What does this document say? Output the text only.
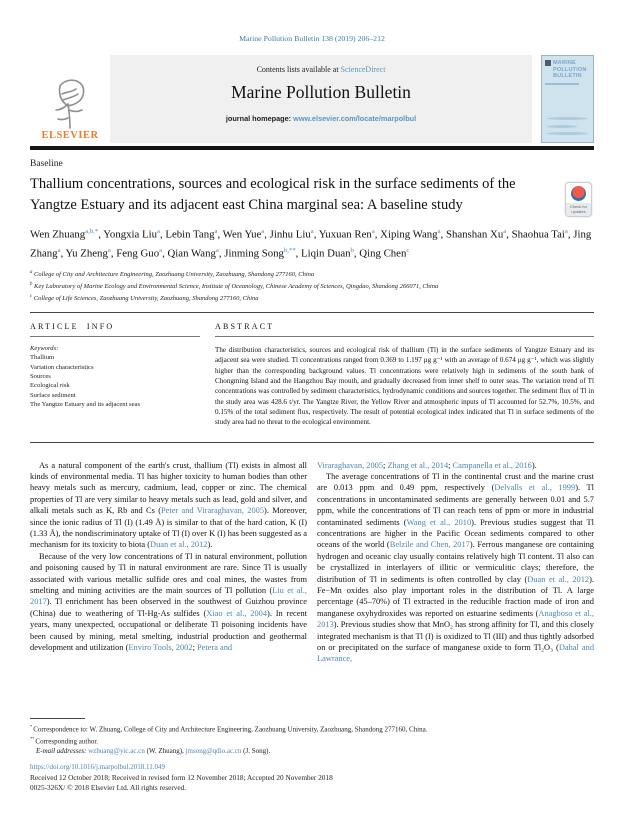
Marine Pollution Bulletin 138 (2019) 206–212
ELSEVIER
Contents lists available at ScienceDirect
Marine Pollution Bulletin
journal homepage: www.elsevier.com/locate/marpolbul
MARINE
POLLUTION
BULLETIN
Baseline
Thallium concentrations, sources and ecological risk in the surface sediments of the Yangtze Estuary and its adjacent east China marginal sea: A baseline study	Check for updates
Wen Zhuang$^{a,b,*}$, Yongxia Liu$^a$, Lebin Tang$^a$, Wen Yue$^a$, Jinhu Liu$^a$, Yuxuan Ren$^a$, Xiping Wang$^a$, Shanshan Xu$^a$, Shaohua Tai$^a$, Jing Zhang$^a$, Yu Zheng$^a$, Feng Guo$^a$, Qian Wang$^a$, Jinming Song$^{b,**}$, Liqin Duan$^b$, Qing Chen$^c$
$^a$ College of City and Architecture Engineering, Zaozhuang University, Zaozhuang, Shandong 277160, China
$^b$ Key Laboratory of Marine Ecology and Environmental Science, Institute of Oceanology, Chinese Academy of Sciences, Qingdao, Shandong 266071, China
$^c$ College of Life Sciences, Zaozhuang University, Zaozhuang, Shandong 277160, China
ARTICLE INFO
Keywords:
Thallium
Variation characteristics
Sources
Ecological risk
Surface sediment
The Yangtze Estuary and its adjacent seas
ABSTRACT
The distribution characteristics, sources and ecological risk of thallium (Tl) in the surface sediments of Yangtze Estuary and its adjacent sea were studied. Tl concentrations ranged from 0.369 to 1.197 μg g⁻¹ with an average of 0.674 μg g⁻¹, which was slightly higher than the corresponding background values. Tl concentrations were relatively high in sediments of the south bank of Chongming Island and the Hangzhou Bay mouth, and gradually decreased from inner shelf to outer seas. The variation trend of Tl concentrations was controlled by sediment characteristics, hydrodynamic conditions and sources together. The sediment flux of Tl in the study area was 428.6 t/yr. The Yangtze River, the Yellow River and atmospheric inputs of Tl accounted for 52.7%, 10.5%, and 0.15% of the total sediment flux, respectively. The result of potential ecological index indicated that Tl in surface sediments of the study area had no threat to the ecological environment.

As a natural component of the earth's crust, thallium (Tl) exists in almost all kinds of environmental media. Tl has higher toxicity to human bodies than other heavy metals such as mercury, cadmium, lead, copper or zinc. The chemical properties of Tl are very similar to heavy metals such as lead, gold and silver, and alkali metals such as K, Rb and Cs (Peter and Viraraghavan, 2005). Moreover, since the ionic radius of Tl (I) (1.49 Å) is similar to that of the hard cation, K (I) (1.33 Å), the nondiscriminatory uptake of Tl (I) over K (I) has been suggested as a mechanism for its toxicity to biota (Duan et al., 2012).

Because of the very low concentrations of Tl in natural environment, pollution and poisoning caused by Tl in natural environment are rare. Since Tl is usually associated with various metallic sulfide ores and coal mines, the wastes from smelting and mining activities are the main sources of Tl pollution (Liu et al., 2017). Tl enrichment has been observed in the southwest of Guizhou province (China) due to weathering of Tl-Hg-As sulfides (Xiao et al., 2004). In recent years, many unexpected, occupational or deliberate Tl poisoning incidents have been caused by mining, metal smelting, industrial production and geothermal development and utilization (Enviro Tools, 2002; Petera and

Viraraghavan, 2005; Zhang et al., 2014; Campanella et al., 2016).

The average concentrations of Tl in the continental crust and the marine crust are 0.013 ppm and 0.49 ppm, respectively (Delvalls et al., 1999). Tl concentrations in uncontaminated sediments are generally between 0.01 and 5.7 ppm, while the concentrations of Tl can reach tens of ppm or more in industrial contaminated sediments (Wang et al., 2010). Previous studies suggest that Tl concentrations are higher in the Pacific Ocean sediments compared to other oceans of the world (Belzile and Chen, 2017). Ferrous manganese ore containing hydrogen and oceanic clay usually contains relatively high Tl content. Tl also can be crystallized in interlayers of illitic or vermiculitic clays; therefore, the distribution of Tl in sediments is often controlled by clay (Duan et al., 2012). Fe−Mn oxides also play important roles in the distribution of Tl. A large percentage (45–70%) of Tl extracted in the reducible fraction made of iron and manganese oxyhydroxides was reported on estuarine sediments (Anagboso et al., 2013). Previous studies show that MnO₂ has strong affinity for Tl, and this closely integrated mechanism is that Tl (I) is oxidized to Tl (III) and thus tightly adsorbed on or precipitated on the surface of manganese oxide to form Tl₂O₃ (Dahal and Lawrance,

* Correspondence to: W. Zhuang, College of City and Architecture Engineering, Zaozhuang University, Zaozhuang, Shandong 277160, China.
** Corresponding author.
E-mail addresses: wzhuang@yic.ac.cn (W. Zhuang), jmsong@qdio.ac.cn (J. Song).
https://doi.org/10.1016/j.marpolbul.2018.11.049
Received 12 October 2018; Received in revised form 12 November 2018; Accepted 20 November 2018
0025-326X/ © 2018 Elsevier Ltd. All rights reserved.
